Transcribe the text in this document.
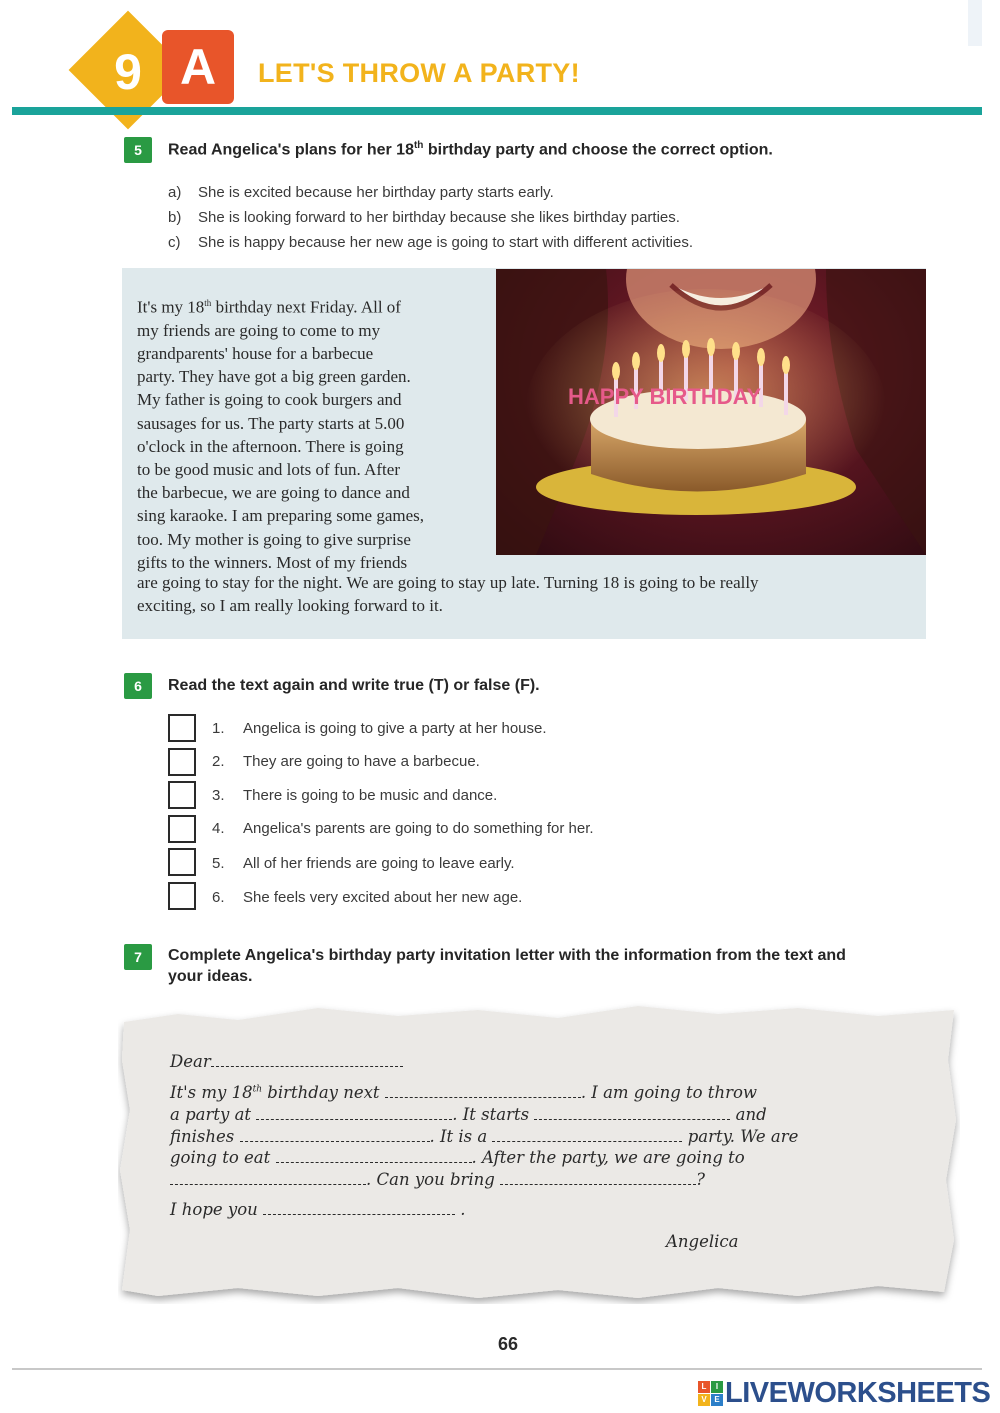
9 A	LET'S THROW A PARTY!
5	Read Angelica's plans for her 18th birthday party and choose the correct option.
a) She is excited because her birthday party starts early.
b) She is looking forward to her birthday because she likes birthday parties.
c) She is happy because her new age is going to start with different activities.
It's my 18th birthday next Friday. All of
my friends are going to come to my
grandparents' house for a barbecue
party. They have got a big green garden.
My father is going to cook burgers and
sausages for us. The party starts at 5.00
o'clock in the afternoon. There is going
to be good music and lots of fun. After
the barbecue, we are going to dance and
sing karaoke. I am preparing some games,
too. My mother is going to give surprise
gifts to the winners. Most of my friends
are going to stay for the night. We are going to stay up late. Turning 18 is going to be really
exciting, so I am really looking forward to it.
HAPPY BIRTHDAY
6	Read the text again and write true (T) or false (F).
1. Angelica is going to give a party at her house.
2. They are going to have a barbecue.
3. There is going to be music and dance.
4. Angelica's parents are going to do something for her.
5. All of her friends are going to leave early.
6. She feels very excited about her new age.
7	Complete Angelica's birthday party invitation letter with the information from the text and
your ideas.
Dear
It's my 18th birthday next	. I am going to throw
a party at	. It starts	and
finishes	. It is a	party. We are
going to eat	. After the party, we are going to
. Can you bring	?
I hope you	.
Angelica
66
L	I
V E LIVEWORKSHEETS
